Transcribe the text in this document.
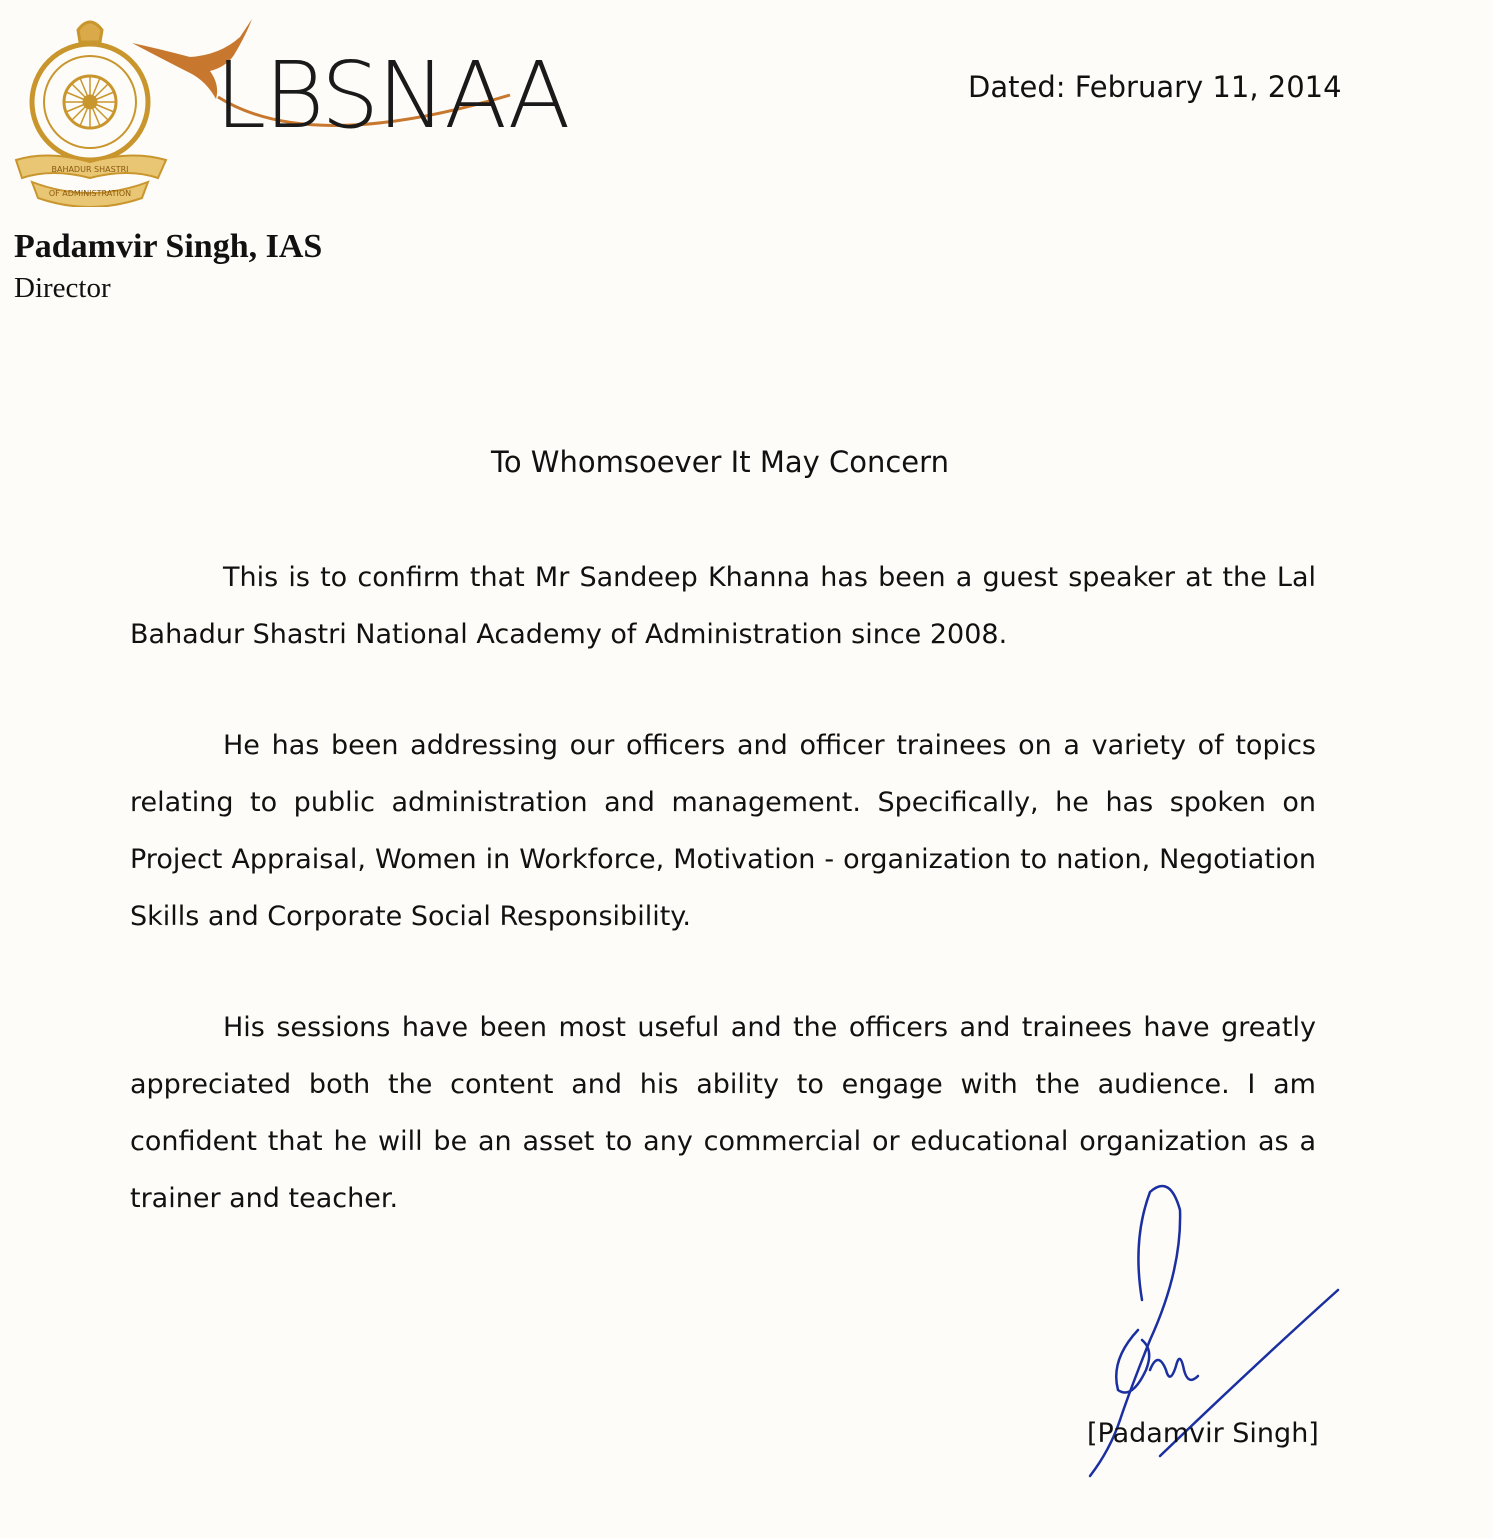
BAHADUR SHASTRI
OF ADMINISTRATION
LBSNAA	Dated: February 11, 2014
Padamvir Singh, IAS
Director
To Whomsoever It May Concern

This is to confirm that Mr Sandeep Khanna has been a guest speaker at the Lal Bahadur Shastri National Academy of Administration since 2008.

He has been addressing our officers and officer trainees on a variety of topics relating to public administration and management. Specifically, he has spoken on Project Appraisal, Women in Workforce, Motivation - organization to nation, Negotiation Skills and Corporate Social Responsibility.

His sessions have been most useful and the officers and trainees have greatly appreciated both the content and his ability to engage with the audience. I am confident that he will be an asset to any commercial or educational organization as a trainer and teacher.

[Padamvir Singh]
